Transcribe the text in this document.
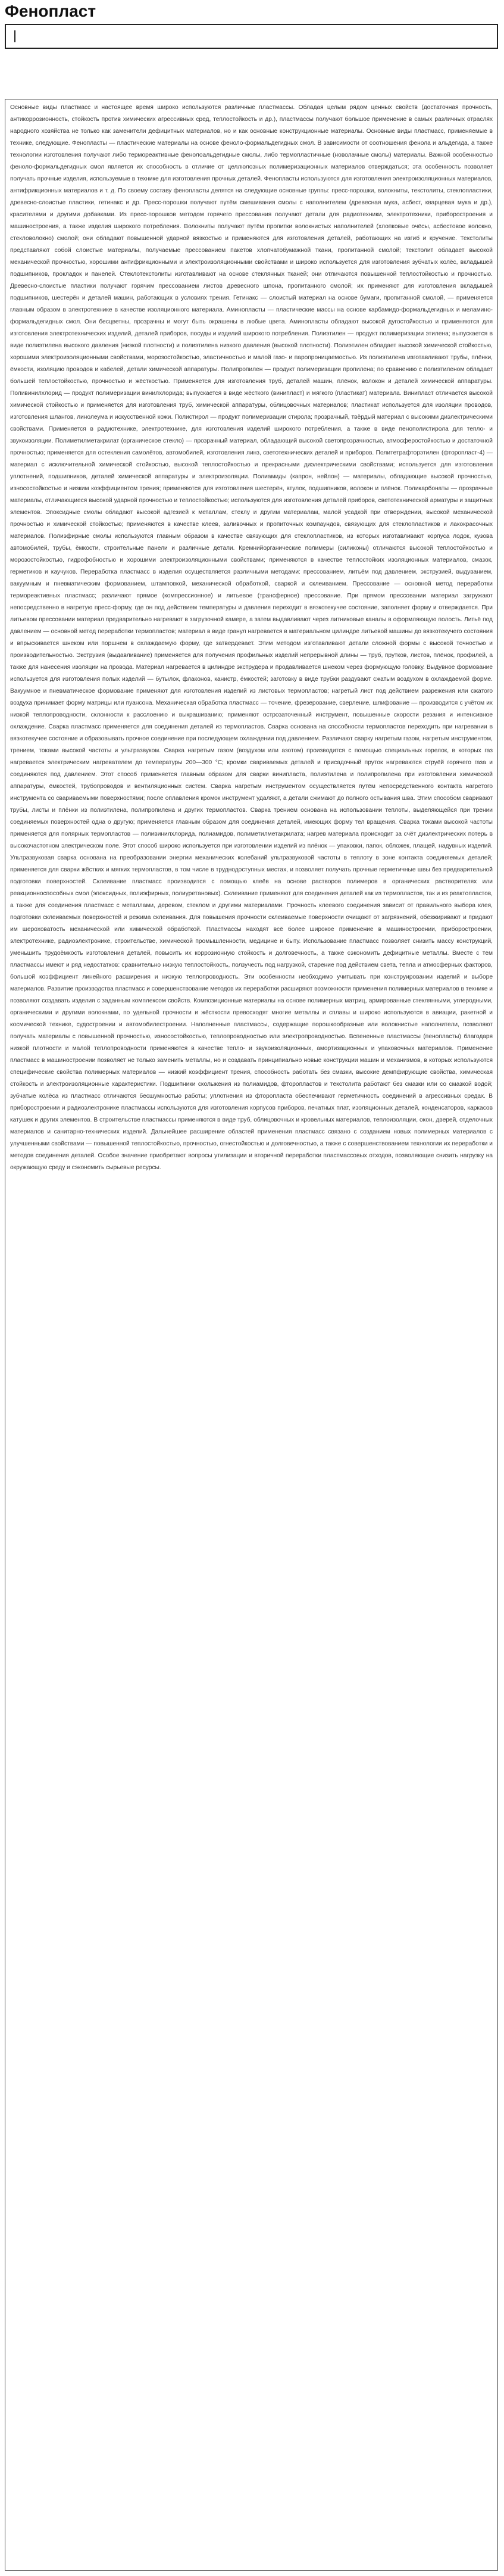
Фенопласт

Основные виды пластмасс и настоящее время широко используются различные пластмассы. Обладая целым рядом ценных свойств (достаточная прочность, антикоррозионность, стойкость против химических агрессивных сред, теплостойкость и др.), пластмассы получают большое применение в самых различных отраслях народного хозяйства не только как заменители дефицитных материалов, но и как основные конструкционные материалы. Основные виды пластмасс, применяемые в технике, следующие. Фенопласты — пластические материалы на основе феноло-формальдегидных смол. В зависимости от соотношения фенола и альдегида, а также технологии изготовления получают либо термореактивные фенолоальдегидные смолы, либо термопластичные (новолачные смолы) материалы. Важной особенностью феноло-формальдегидных смол является их способность в отличие от целлюлозных полимеризационных материалов отверждаться; эта особенность позволяет получать прочные изделия, используемые в технике для изготовления прочных деталей. Фенопласты используются для изготовления электроизоляционных материалов, антифрикционных материалов и т. д. По своему составу фенопласты делятся на следующие основные группы: пресс-порошки, волокниты, текстолиты, стеклопластики, древесно-слоистые пластики, гетинакс и др. Пресс-порошки получают путём смешивания смолы с наполнителем (древесная мука, асбест, кварцевая мука и др.), красителями и другими добавками. Из пресс-порошков методом горячего прессования получают детали для радиотехники, электротехники, приборостроения и машиностроения, а также изделия широкого потребления. Волокниты получают путём пропитки волокнистых наполнителей (хлопковые очёсы, асбестовое волокно, стекловолокно) смолой; они обладают повышенной ударной вязкостью и применяются для изготовления деталей, работающих на изгиб и кручение. Текстолиты представляют собой слоистые материалы, получаемые прессованием пакетов хлопчатобумажной ткани, пропитанной смолой; текстолит обладает высокой механической прочностью, хорошими антифрикционными и электроизоляционными свойствами и широко используется для изготовления зубчатых колёс, вкладышей подшипников, прокладок и панелей. Стеклотекстолиты изготавливают на основе стеклянных тканей; они отличаются повышенной теплостойкостью и прочностью. Древесно-слоистые пластики получают горячим прессованием листов древесного шпона, пропитанного смолой; их применяют для изготовления вкладышей подшипников, шестерён и деталей машин, работающих в условиях трения. Гетинакс — слоистый материал на основе бумаги, пропитанной смолой, — применяется главным образом в электротехнике в качестве изоляционного материала. Аминопласты — пластические массы на основе карбамидо-формальдегидных и меламино-формальдегидных смол. Они бесцветны, прозрачны и могут быть окрашены в любые цвета. Аминопласты обладают высокой дугостойкостью и применяются для изготовления электротехнических изделий, деталей приборов, посуды и изделий широкого потребления. Полиэтилен — продукт полимеризации этилена; выпускается в виде полиэтилена высокого давления (низкой плотности) и полиэтилена низкого давления (высокой плотности). Полиэтилен обладает высокой химической стойкостью, хорошими электроизоляционными свойствами, морозостойкостью, эластичностью и малой газо- и паропроницаемостью. Из полиэтилена изготавливают трубы, плёнки, ёмкости, изоляцию проводов и кабелей, детали химической аппаратуры. Полипропилен — продукт полимеризации пропилена; по сравнению с полиэтиленом обладает большей теплостойкостью, прочностью и жёсткостью. Применяется для изготовления труб, деталей машин, плёнок, волокон и деталей химической аппаратуры. Поливинилхлорид — продукт полимеризации винилхлорида; выпускается в виде жёсткого (винипласт) и мягкого (пластикат) материала. Винипласт отличается высокой химической стойкостью и применяется для изготовления труб, химической аппаратуры, облицовочных материалов; пластикат используется для изоляции проводов, изготовления шлангов, линолеума и искусственной кожи. Полистирол — продукт полимеризации стирола; прозрачный, твёрдый материал с высокими диэлектрическими свойствами. Применяется в радиотехнике, электротехнике, для изготовления изделий широкого потребления, а также в виде пенополистирола для тепло- и звукоизоляции. Полиметилметакрилат (органическое стекло) — прозрачный материал, обладающий высокой светопрозрачностью, атмосферостойкостью и достаточной прочностью; применяется для остекления самолётов, автомобилей, изготовления линз, светотехнических деталей и приборов. Политетрафторэтилен (фторопласт-4) — материал с исключительной химической стойкостью, высокой теплостойкостью и прекрасными диэлектрическими свойствами; используется для изготовления уплотнений, подшипников, деталей химической аппаратуры и электроизоляции. Полиамиды (капрон, нейлон) — материалы, обладающие высокой прочностью, износостойкостью и низким коэффициентом трения; применяются для изготовления шестерён, втулок, подшипников, волокон и плёнок. Поликарбонаты — прозрачные материалы, отличающиеся высокой ударной прочностью и теплостойкостью; используются для изготовления деталей приборов, светотехнической арматуры и защитных элементов. Эпоксидные смолы обладают высокой адгезией к металлам, стеклу и другим материалам, малой усадкой при отверждении, высокой механической прочностью и химической стойкостью; применяются в качестве клеев, заливочных и пропиточных компаундов, связующих для стеклопластиков и лакокрасочных материалов. Полиэфирные смолы используются главным образом в качестве связующих для стеклопластиков, из которых изготавливают корпуса лодок, кузова автомобилей, трубы, ёмкости, строительные панели и различные детали. Кремнийорганические полимеры (силиконы) отличаются высокой теплостойкостью и морозостойкостью, гидрофобностью и хорошими электроизоляционными свойствами; применяются в качестве теплостойких изоляционных материалов, смазок, герметиков и каучуков. Переработка пластмасс в изделия осуществляется различными методами: прессованием, литьём под давлением, экструзией, выдуванием, вакуумным и пневматическим формованием, штамповкой, механической обработкой, сваркой и склеиванием. Прессование — основной метод переработки термореактивных пластмасс; различают прямое (компрессионное) и литьевое (трансферное) прессование. При прямом прессовании материал загружают непосредственно в нагретую пресс-форму, где он под действием температуры и давления переходит в вязкотекучее состояние, заполняет форму и отверждается. При литьевом прессовании материал предварительно нагревают в загрузочной камере, а затем выдавливают через литниковые каналы в оформляющую полость. Литьё под давлением — основной метод переработки термопластов; материал в виде гранул нагревается в материальном цилиндре литьевой машины до вязкотекучего состояния и впрыскивается шнеком или поршнем в охлаждаемую форму, где затвердевает. Этим методом изготавливают детали сложной формы с высокой точностью и производительностью. Экструзия (выдавливание) применяется для получения профильных изделий непрерывной длины — труб, прутков, листов, плёнок, профилей, а также для нанесения изоляции на провода. Материал нагревается в цилиндре экструдера и продавливается шнеком через формующую головку. Выдувное формование используется для изготовления полых изделий — бутылок, флаконов, канистр, ёмкостей; заготовку в виде трубки раздувают сжатым воздухом в охлаждаемой форме. Вакуумное и пневматическое формование применяют для изготовления изделий из листовых термопластов; нагретый лист под действием разрежения или сжатого воздуха принимает форму матрицы или пуансона. Механическая обработка пластмасс — точение, фрезерование, сверление, шлифование — производится с учётом их низкой теплопроводности, склонности к расслоению и выкрашиванию; применяют острозаточенный инструмент, повышенные скорости резания и интенсивное охлаждение. Сварка пластмасс применяется для соединения деталей из термопластов. Сварка основана на способности термопластов переходить при нагревании в вязкотекучее состояние и образовывать прочное соединение при последующем охлаждении под давлением. Различают сварку нагретым газом, нагретым инструментом, трением, токами высокой частоты и ультразвуком. Сварка нагретым газом (воздухом или азотом) производится с помощью специальных горелок, в которых газ нагревается электрическим нагревателем до температуры 200—300 °С; кромки свариваемых деталей и присадочный пруток нагреваются струёй горячего газа и соединяются под давлением. Этот способ применяется главным образом для сварки винипласта, полиэтилена и полипропилена при изготовлении химической аппаратуры, ёмкостей, трубопроводов и вентиляционных систем. Сварка нагретым инструментом осуществляется путём непосредственного контакта нагретого инструмента со свариваемыми поверхностями; после оплавления кромок инструмент удаляют, а детали сжимают до полного остывания шва. Этим способом сваривают трубы, листы и плёнки из полиэтилена, полипропилена и других термопластов. Сварка трением основана на использовании теплоты, выделяющейся при трении соединяемых поверхностей одна о другую; применяется главным образом для соединения деталей, имеющих форму тел вращения. Сварка токами высокой частоты применяется для полярных термопластов — поливинилхлорида, полиамидов, полиметилметакрилата; нагрев материала происходит за счёт диэлектрических потерь в высокочастотном электрическом поле. Этот способ широко используется при изготовлении изделий из плёнок — упаковки, папок, обложек, плащей, надувных изделий. Ультразвуковая сварка основана на преобразовании энергии механических колебаний ультразвуковой частоты в теплоту в зоне контакта соединяемых деталей; применяется для сварки жёстких и мягких термопластов, в том числе в труднодоступных местах, и позволяет получать прочные герметичные швы без предварительной подготовки поверхностей. Склеивание пластмасс производится с помощью клеёв на основе растворов полимеров в органических растворителях или реакционноспособных смол (эпоксидных, полиэфирных, полиуретановых). Склеивание применяют для соединения деталей как из термопластов, так и из реактопластов, а также для соединения пластмасс с металлами, деревом, стеклом и другими материалами. Прочность клеевого соединения зависит от правильного выбора клея, подготовки склеиваемых поверхностей и режима склеивания. Для повышения прочности склеиваемые поверхности очищают от загрязнений, обезжиривают и придают им шероховатость механической или химической обработкой. Пластмассы находят всё более широкое применение в машиностроении, приборостроении, электротехнике, радиоэлектронике, строительстве, химической промышленности, медицине и быту. Использование пластмасс позволяет снизить массу конструкций, уменьшить трудоёмкость изготовления деталей, повысить их коррозионную стойкость и долговечность, а также сэкономить дефицитные металлы. Вместе с тем пластмассы имеют и ряд недостатков: сравнительно низкую теплостойкость, ползучесть под нагрузкой, старение под действием света, тепла и атмосферных факторов, большой коэффициент линейного расширения и низкую теплопроводность. Эти особенности необходимо учитывать при конструировании изделий и выборе материалов. Развитие производства пластмасс и совершенствование методов их переработки расширяют возможности применения полимерных материалов в технике и позволяют создавать изделия с заданным комплексом свойств. Композиционные материалы на основе полимерных матриц, армированные стеклянными, углеродными, органическими и другими волокнами, по удельной прочности и жёсткости превосходят многие металлы и сплавы и широко используются в авиации, ракетной и космической технике, судостроении и автомобилестроении. Наполненные пластмассы, содержащие порошкообразные или волокнистые наполнители, позволяют получать материалы с повышенной прочностью, износостойкостью, теплопроводностью или электропроводностью. Вспененные пластмассы (пенопласты) благодаря низкой плотности и малой теплопроводности применяются в качестве тепло- и звукоизоляционных, амортизационных и упаковочных материалов. Применение пластмасс в машиностроении позволяет не только заменить металлы, но и создавать принципиально новые конструкции машин и механизмов, в которых используются специфические свойства полимерных материалов — низкий коэффициент трения, способность работать без смазки, высокие демпфирующие свойства, химическая стойкость и электроизоляционные характеристики. Подшипники скольжения из полиамидов, фторопластов и текстолита работают без смазки или со смазкой водой; зубчатые колёса из пластмасс отличаются бесшумностью работы; уплотнения из фторопласта обеспечивают герметичность соединений в агрессивных средах. В приборостроении и радиоэлектронике пластмассы используются для изготовления корпусов приборов, печатных плат, изоляционных деталей, конденсаторов, каркасов катушек и других элементов. В строительстве пластмассы применяются в виде труб, облицовочных и кровельных материалов, теплоизоляции, окон, дверей, отделочных материалов и санитарно-технических изделий. Дальнейшее расширение областей применения пластмасс связано с созданием новых полимерных материалов с улучшенными свойствами — повышенной теплостойкостью, прочностью, огнестойкостью и долговечностью, а также с совершенствованием технологии их переработки и методов соединения деталей. Особое значение приобретают вопросы утилизации и вторичной переработки пластмассовых отходов, позволяющие снизить нагрузку на окружающую среду и сэкономить сырьевые ресурсы.
